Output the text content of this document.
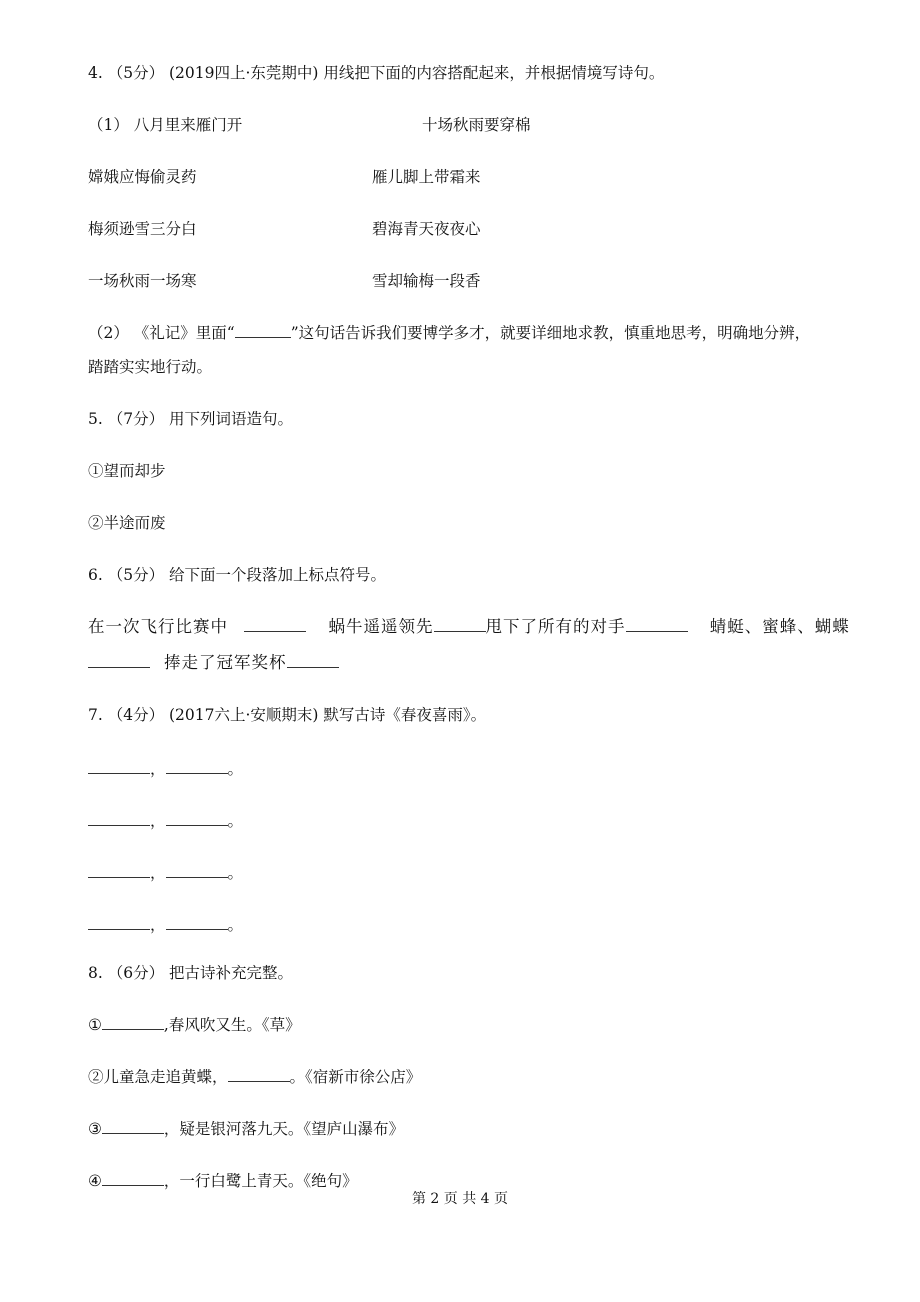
4. （5分） (2019四上·东莞期中) 用线把下面的内容搭配起来，并根据情境写诗句。
（1） 八月里来雁门开	十场秋雨要穿棉
嫦娥应悔偷灵药	雁儿脚上带霜来
梅须逊雪三分白	碧海青天夜夜心
一场秋雨一场寒	雪却输梅一段香
（2） 《礼记》里面“	”这句话告诉我们要博学多才，就要详细地求教，慎重地思考，明确地分辨，
踏踏实实地行动。
5. （7分） 用下列词语造句。
①望而却步
②半途而废
6. （5分） 给下面一个段落加上标点符号。
在一次飞行比赛中	蜗牛遥遥领先	甩下了所有的对手	蜻蜓、蜜蜂、蝴蝶
捧走了冠军奖杯
7. （4分） (2017六上·安顺期末) 默写古诗《春夜喜雨》。
，	。
，	。
，	。
，	。
8. （6分） 把古诗补充完整。
①	,春风吹又生。《草》
②儿童急走追黄蝶，	。《宿新市徐公店》
③	，疑是银河落九天。《望庐山瀑布》
④	，一行白鹭上青天。《绝句》
第 2 页 共 4 页
